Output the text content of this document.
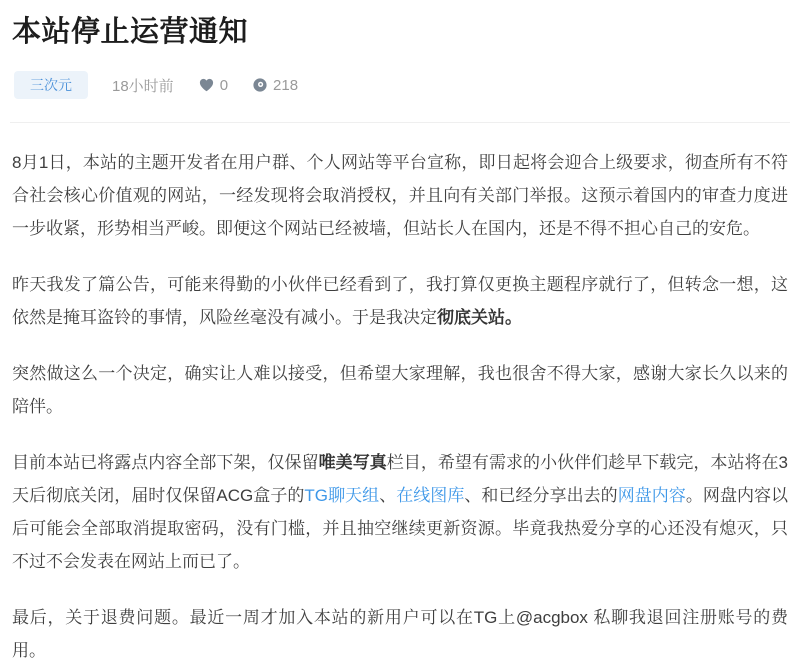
本站停止运营通知
三次元	18小时前	0	218

8月1日，本站的主题开发者在用户群、个人网站等平台宣称，即日起将会迎合上级要求，彻查所有不符合社会核心价值观的网站，一经发现将会取消授权，并且向有关部门举报。这预示着国内的审查力度进一步收紧，形势相当严峻。即便这个网站已经被墙，但站长人在国内，还是不得不担心自己的安危。

昨天我发了篇公告，可能来得勤的小伙伴已经看到了，我打算仅更换主题程序就行了，但转念一想，这依然是掩耳盗铃的事情，风险丝毫没有减小。于是我决定彻底关站。

突然做这么一个决定，确实让人难以接受，但希望大家理解，我也很舍不得大家，感谢大家长久以来的陪伴。

目前本站已将露点内容全部下架，仅保留唯美写真栏目，希望有需求的小伙伴们趁早下载完，本站将在3天后彻底关闭，届时仅保留ACG盒子的TG聊天组、在线图库、和已经分享出去的网盘内容。网盘内容以后可能会全部取消提取密码，没有门槛，并且抽空继续更新资源。毕竟我热爱分享的心还没有熄灭，只不过不会发表在网站上而已了。

最后，关于退费问题。最近一周才加入本站的新用户可以在TG上@acgbox 私聊我退回注册账号的费用。
